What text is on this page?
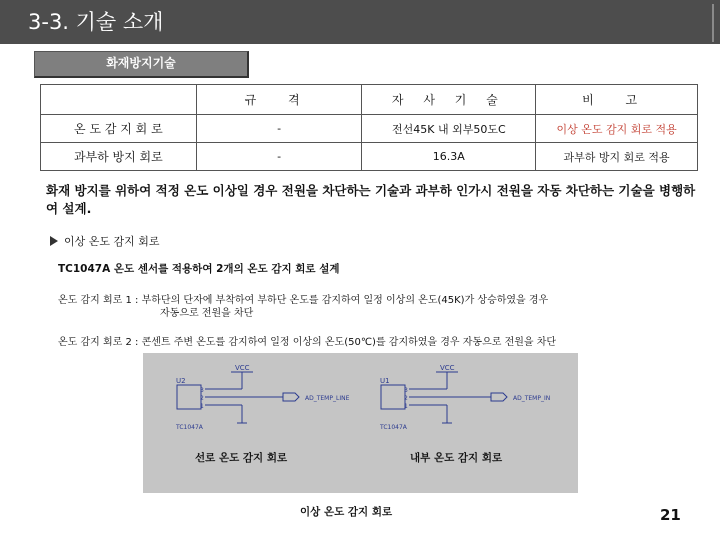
3-3. 기술 소개
화재방지기술
	규 격	자 사 기 술	비 고
온 도 감 지 회 로	-	전선45K 내 외부50도C	이상 온도 감지 회로 적용
과부하 방지 회로	-	16.3A	과부하 방지 회로 적용
화재 방지를 위하여 적정 온도 이상일 경우 전원을 차단하는 기술과 과부하 인가시 전원을 자동 차단하는 기술을 병행하여 설계.
이상 온도 감지 회로
TC1047A 온도 센서를 적용하여 2개의 온도 감지 회로 설계
온도 감지 회로 1 : 부하단의 단자에 부착하여 부하단 온도를 감지하여 일정 이상의 온도(45K)가 상승하였을 경우
자동으로 전원을 차단
온도 감지 회로 2 : 콘센트 주변 온도를 감지하여 일정 이상의 온도(50℃)를 감지하였을 경우 자동으로 전원을 차단
VCC
U2
3
2
1
AD_TEMP_LINE
TC1047A
VCC
U1
3
2
1
AD_TEMP_IN
TC1047A
선로 온도 감지 회로	내부 온도 감지 회로
이상 온도 감지 회로	21
